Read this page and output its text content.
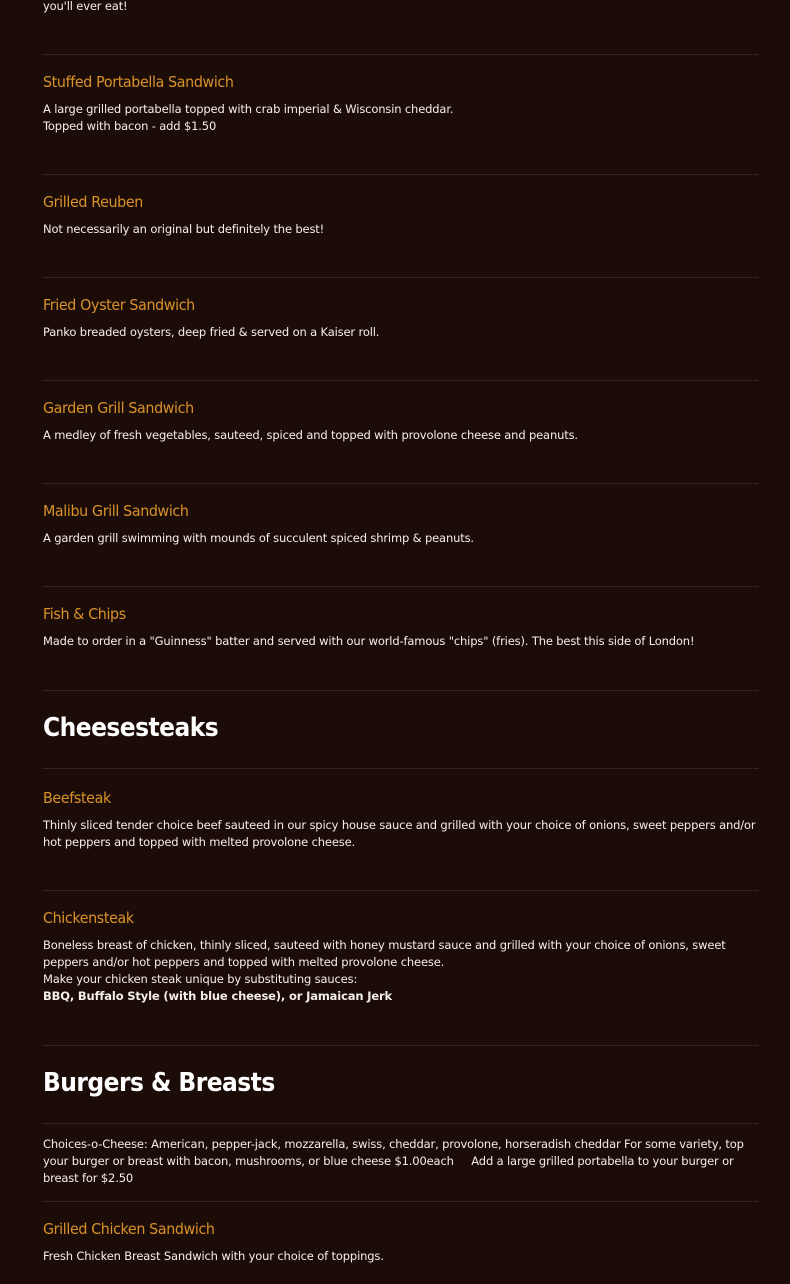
you'll ever eat!

Stuffed Portabella Sandwich

A large grilled portabella topped with crab imperial & Wisconsin cheddar.
Topped with bacon - add $1.50

Grilled Reuben

Not necessarily an original but definitely the best!

Fried Oyster Sandwich

Panko breaded oysters, deep fried & served on a Kaiser roll.

Garden Grill Sandwich

A medley of fresh vegetables, sauteed, spiced and topped with provolone cheese and peanuts.

Malibu Grill Sandwich

A garden grill swimming with mounds of succulent spiced shrimp & peanuts.

Fish & Chips

Made to order in a "Guinness" batter and served with our world-famous "chips" (fries). The best this side of London!

Cheesesteaks
Beefsteak

Thinly sliced tender choice beef sauteed in our spicy house sauce and grilled with your choice of onions, sweet peppers and/or
hot peppers and topped with melted provolone cheese.

Chickensteak

Boneless breast of chicken, thinly sliced, sauteed with honey mustard sauce and grilled with your choice of onions, sweet
peppers and/or hot peppers and topped with melted provolone cheese.
Make your chicken steak unique by substituting sauces:
BBQ, Buffalo Style (with blue cheese), or Jamaican Jerk

Burgers & Breasts

Choices-o-Cheese: American, pepper-jack, mozzarella, swiss, cheddar, provolone, horseradish cheddar For some variety, top your burger or breast with bacon, mushrooms, or blue cheese $1.00each     Add a large grilled portabella to your burger or breast for $2.50

Grilled Chicken Sandwich

Fresh Chicken Breast Sandwich with your choice of toppings.
